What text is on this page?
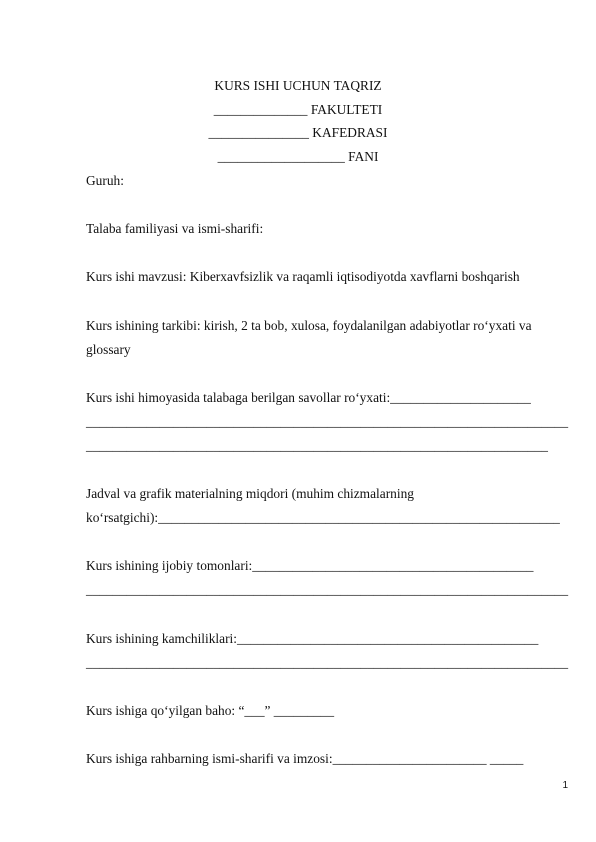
KURS ISHI UCHUN TAQRIZ
______________ FAKULTETI
_______________ KAFEDRASI
___________________ FANI
Guruh:
Talaba familiyasi va ismi-sharifi:
Kurs ishi mavzusi: Kiberxavfsizlik va raqamli iqtisodiyotda xavflarni boshqarish
Kurs ishining tarkibi: kirish, 2 ta bob, xulosa, foydalanilgan adabiyotlar ro‘yxati va
glossary
Kurs ishi himoyasida talabaga berilgan savollar ro‘yxati:_____________________
________________________________________________________________________
_____________________________________________________________________
Jadval va grafik materialning miqdori (muhim chizmalarning
ko‘rsatgichi):____________________________________________________________
Kurs ishining ijobiy tomonlari:__________________________________________
________________________________________________________________________
Kurs ishining kamchiliklari:_____________________________________________
________________________________________________________________________
Kurs ishiga qo‘yilgan baho: “___” _________
Kurs ishiga rahbarning ismi-sharifi va imzosi:_______________________ _____
1
